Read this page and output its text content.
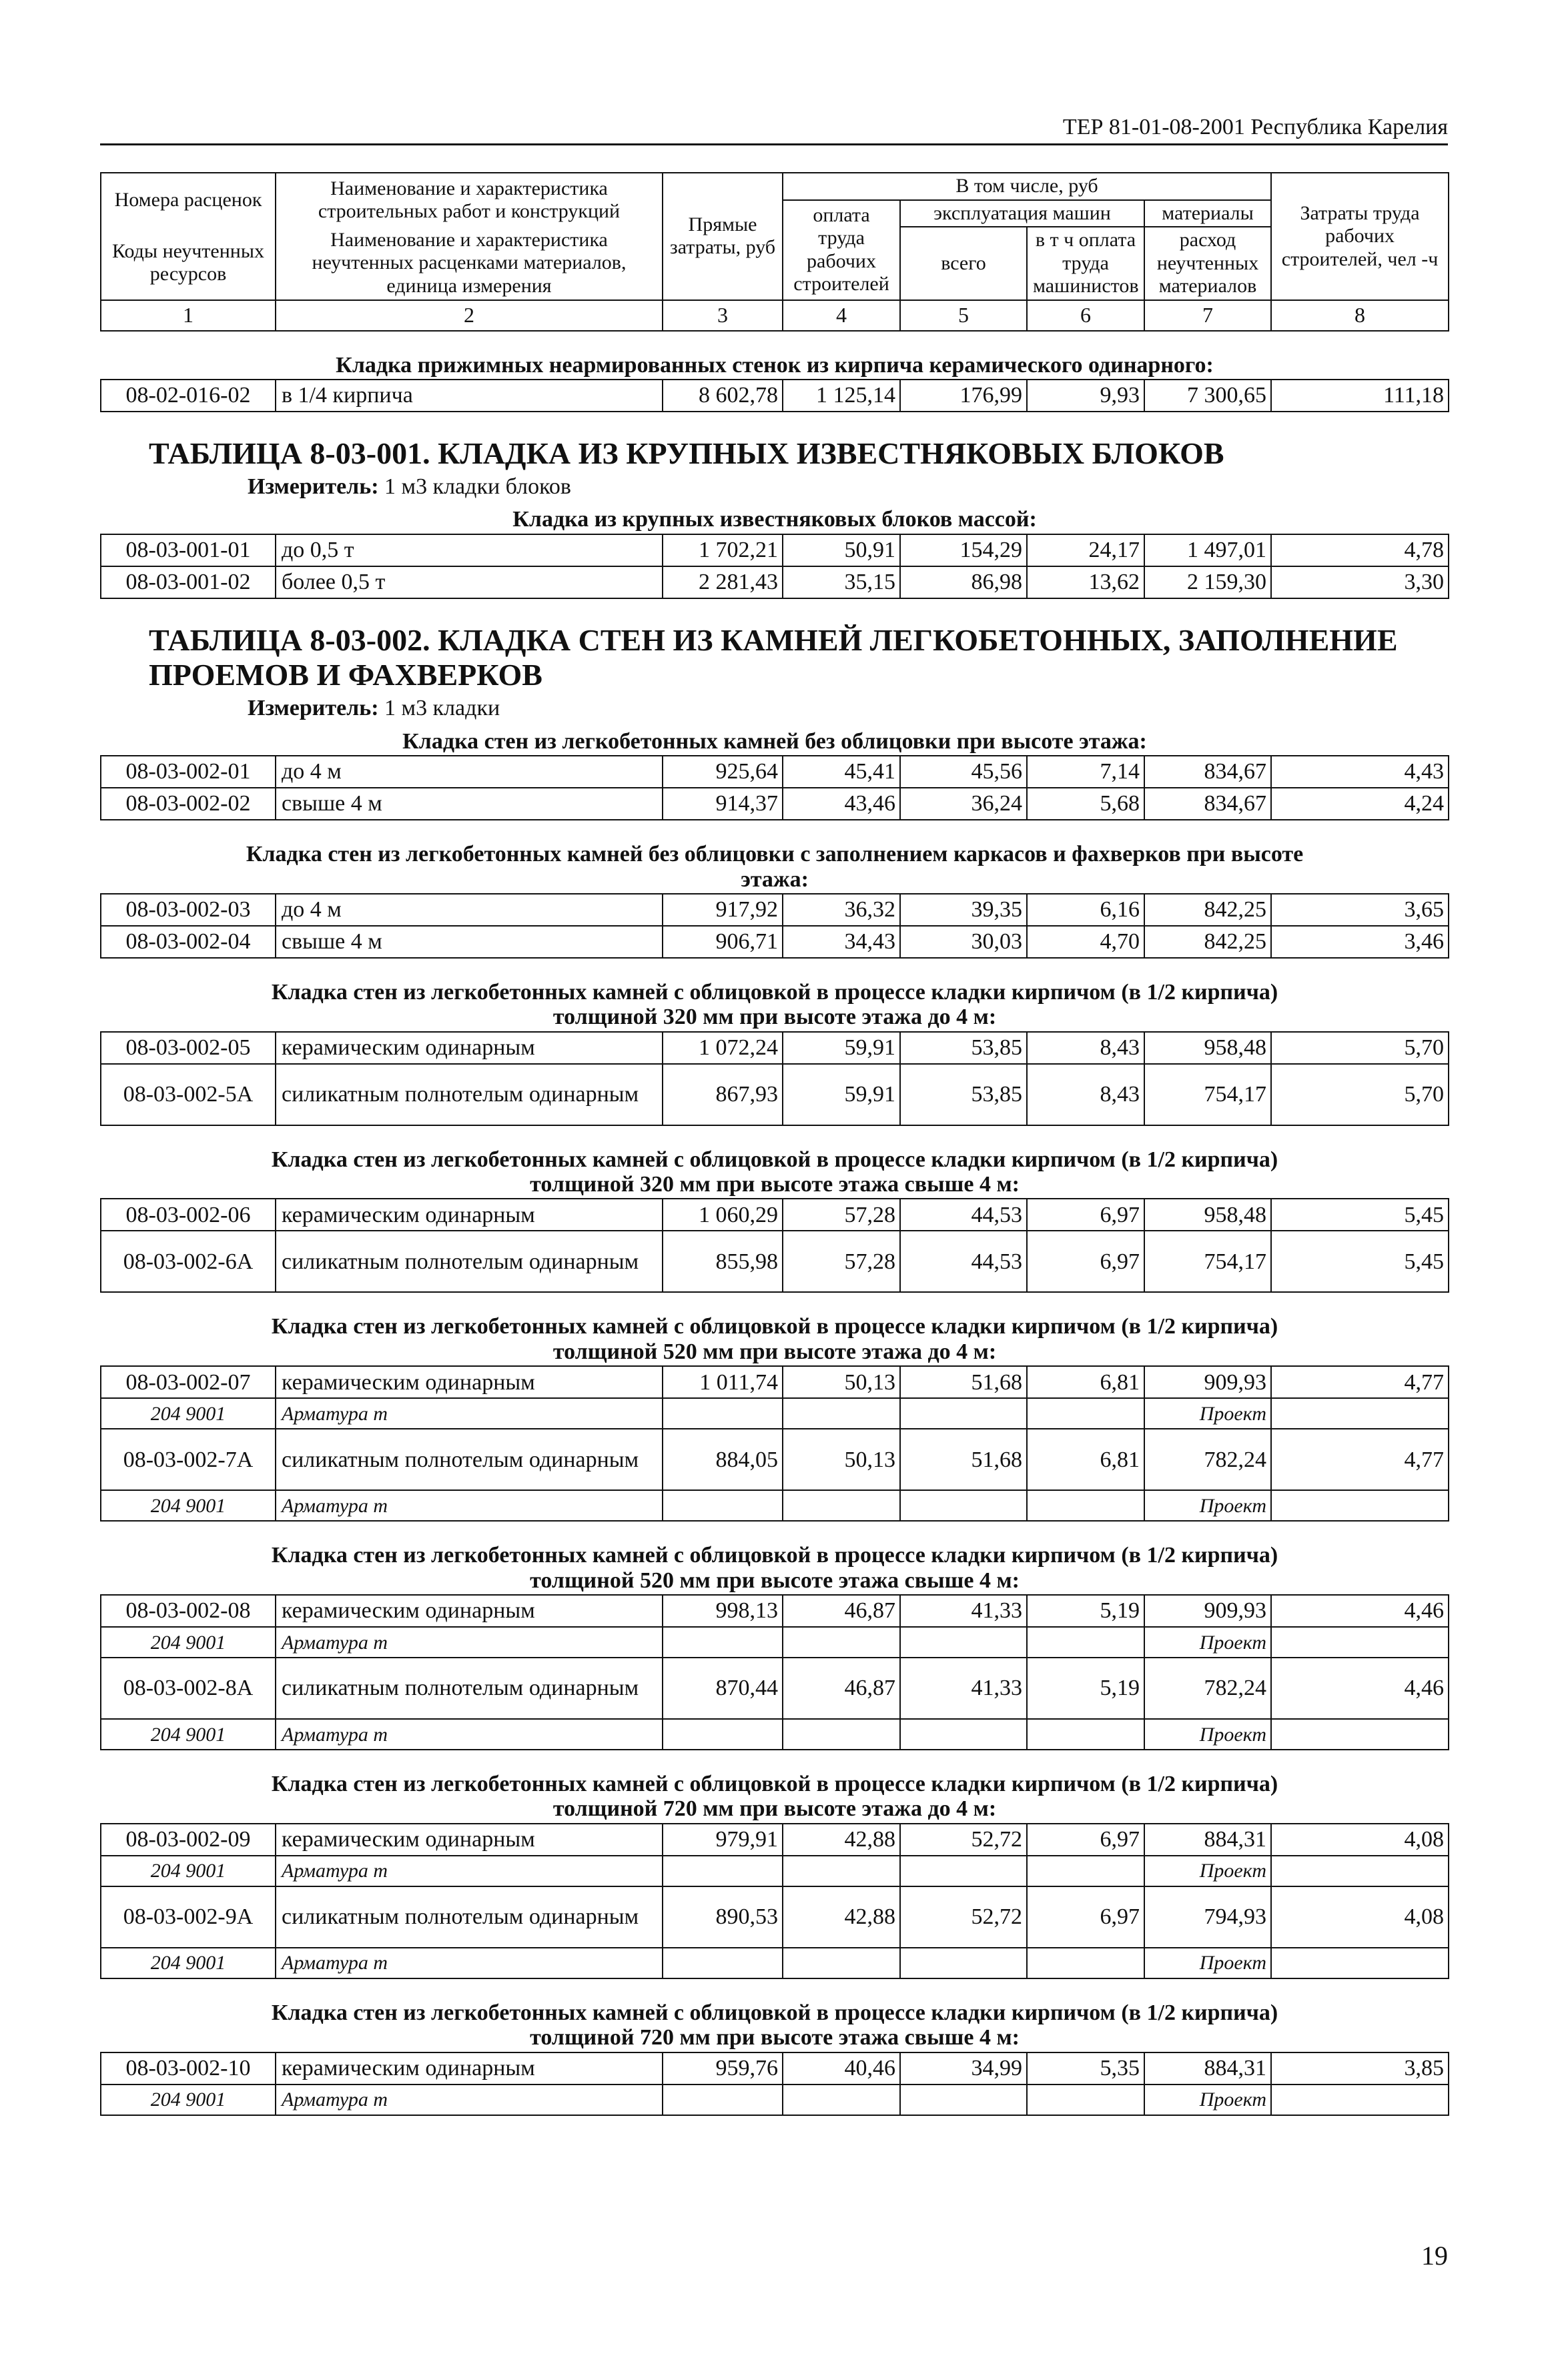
ТЕР 81-01-08-2001 Республика Карелия
Номера расценок	Наименование и характеристика строительных работ и конструкций	Прямые затраты, руб	В том числе, руб				Затраты труда рабочих строителей, чел -ч
			оплата труда рабочих строителей	эксплуатация машин		материалы	
Коды неучтенных ресурсов	Наименование и характеристика неучтенных расценками материалов, единица измерения			всего	в т ч оплата труда машинистов	расход неучтенных материалов	

1	2	3	4	5	6	7	8

Кладка прижимных неармированных стенок из кирпича керамического одинарного:							
08-02-016-02	в 1/4 кирпича	8 602,78	1 125,14	176,99	9,93	7 300,65	111,18

ТАБЛИЦА 8-03-001. КЛАДКА ИЗ КРУПНЫХ ИЗВЕСТНЯКОВЫХ БЛОКОВ							
Измеритель: 1 м3 кладки блоков							
Кладка из крупных известняковых блоков массой:							
08-03-001-01	до 0,5 т	1 702,21	50,91	154,29	24,17	1 497,01	4,78
08-03-001-02	более 0,5 т	2 281,43	35,15	86,98	13,62	2 159,30	3,30

ТАБЛИЦА 8-03-002. КЛАДКА СТЕН ИЗ КАМНЕЙ ЛЕГКОБЕТОННЫХ, ЗАПОЛНЕНИЕ ПРОЕМОВ И ФАХВЕРКОВ							
Измеритель: 1 м3 кладки							
Кладка стен из легкобетонных камней без облицовки при высоте этажа:							
08-03-002-01	до 4 м	925,64	45,41	45,56	7,14	834,67	4,43
08-03-002-02	свыше 4 м	914,37	43,46	36,24	5,68	834,67	4,24

Кладка стен из легкобетонных камней без облицовки с заполнением каркасов и фахверков при высоте
этажа:							

08-03-002-03	до 4 м	917,92	36,32	39,35	6,16	842,25	3,65
08-03-002-04	свыше 4 м	906,71	34,43	30,03	4,70	842,25	3,46

Кладка стен из легкобетонных камней с облицовкой в процессе кладки кирпичом (в 1/2 кирпича)
толщиной 320 мм при высоте этажа до 4 м:							

08-03-002-05	керамическим одинарным	1 072,24	59,91	53,85	8,43	958,48	5,70
08-03-002-5А	силикатным полнотелым одинарным	867,93	59,91	53,85	8,43	754,17	5,70

Кладка стен из легкобетонных камней с облицовкой в процессе кладки кирпичом (в 1/2 кирпича)
толщиной 320 мм при высоте этажа свыше 4 м:							

08-03-002-06	керамическим одинарным	1 060,29	57,28	44,53	6,97	958,48	5,45
08-03-002-6А	силикатным полнотелым одинарным	855,98	57,28	44,53	6,97	754,17	5,45

Кладка стен из легкобетонных камней с облицовкой в процессе кладки кирпичом (в 1/2 кирпича)
толщиной 520 мм при высоте этажа до 4 м:							

08-03-002-07	керамическим одинарным	1 011,74	50,13	51,68	6,81	909,93	4,77
204 9001	Арматура т					Проект	
08-03-002-7А	силикатным полнотелым одинарным	884,05	50,13	51,68	6,81	782,24	4,77
204 9001	Арматура т					Проект	

Кладка стен из легкобетонных камней с облицовкой в процессе кладки кирпичом (в 1/2 кирпича)
толщиной 520 мм при высоте этажа свыше 4 м:							

08-03-002-08	керамическим одинарным	998,13	46,87	41,33	5,19	909,93	4,46
204 9001	Арматура т					Проект	
08-03-002-8А	силикатным полнотелым одинарным	870,44	46,87	41,33	5,19	782,24	4,46
204 9001	Арматура т					Проект	

Кладка стен из легкобетонных камней с облицовкой в процессе кладки кирпичом (в 1/2 кирпича)
толщиной 720 мм при высоте этажа до 4 м:							

08-03-002-09	керамическим одинарным	979,91	42,88	52,72	6,97	884,31	4,08
204 9001	Арматура т					Проект	
08-03-002-9А	силикатным полнотелым одинарным	890,53	42,88	52,72	6,97	794,93	4,08
204 9001	Арматура т					Проект	

Кладка стен из легкобетонных камней с облицовкой в процессе кладки кирпичом (в 1/2 кирпича)
толщиной 720 мм при высоте этажа свыше 4 м:							

08-03-002-10	керамическим одинарным	959,76	40,46	34,99	5,35	884,31	3,85
204 9001	Арматура т					Проект	
19
